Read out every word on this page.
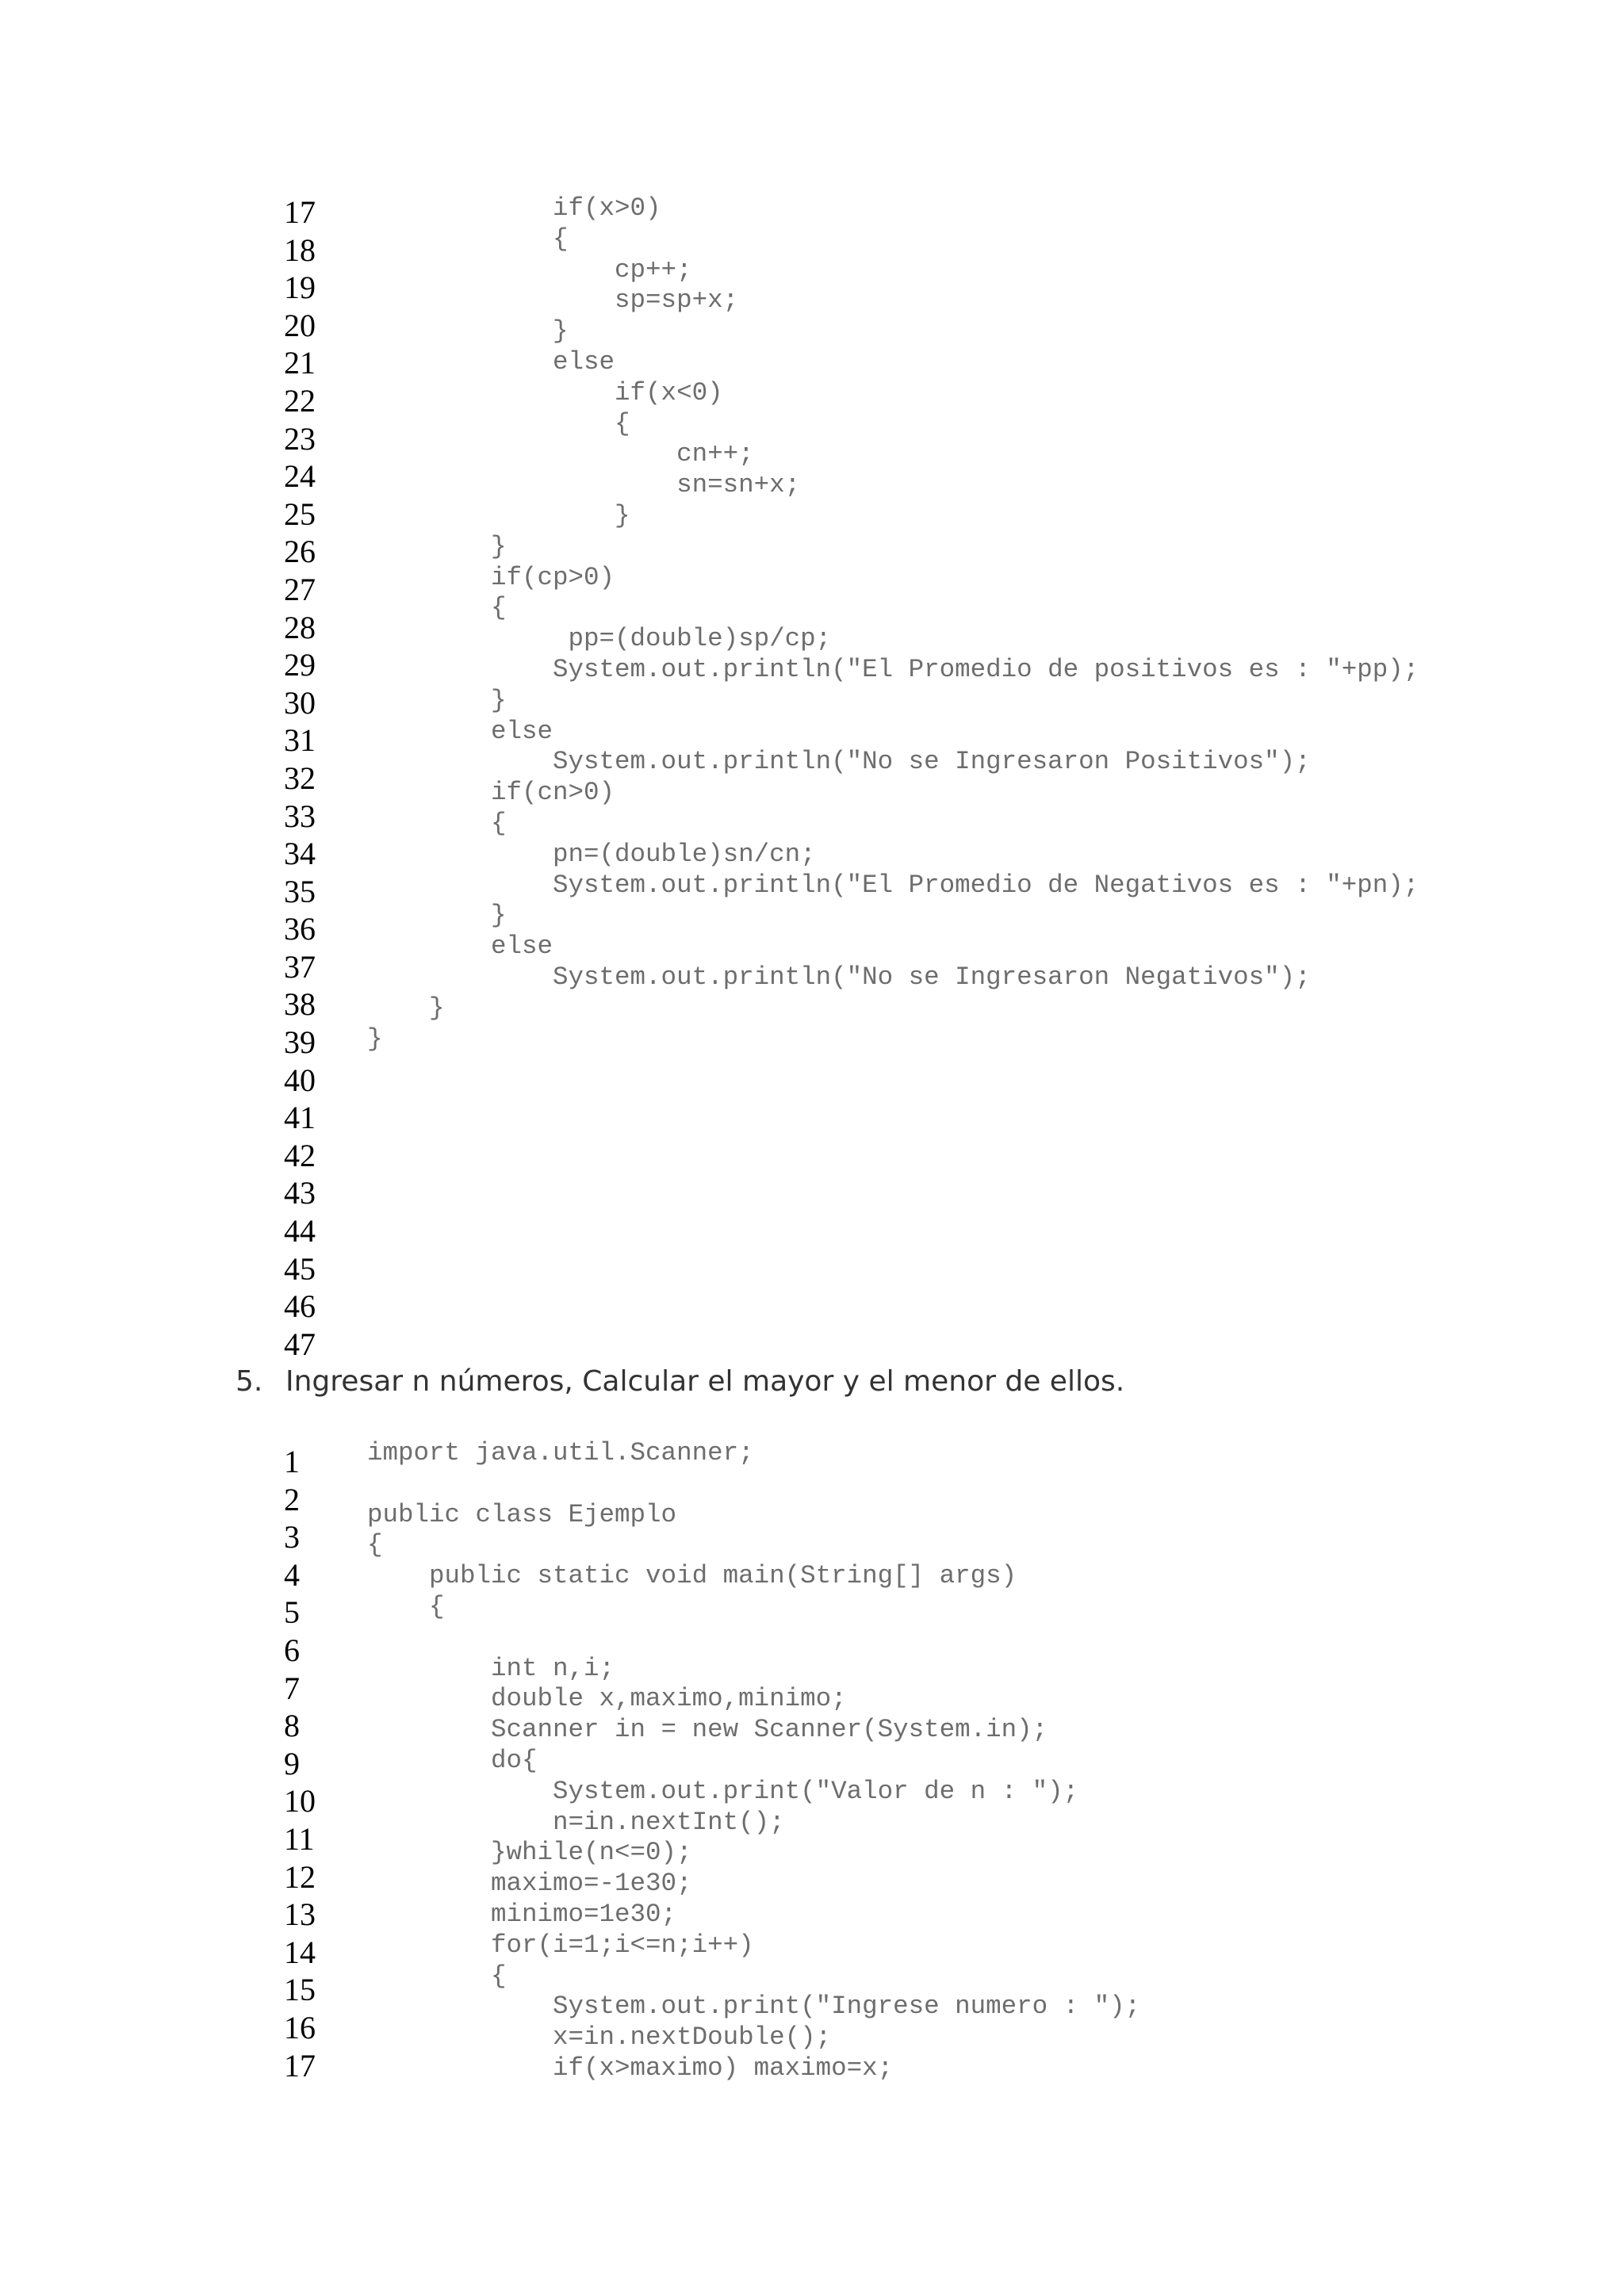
17
18
19
20
21
22
23
24
25
26
27
28
29
30
31
32
33
34
35
36
37
38
39
40
41
42
43
44
45
46
47
if(x>0)
{
cp++;
sp=sp+x;
}
else
if(x<0)
{
cn++;
sn=sn+x;
}
}
if(cp>0)
{
pp=(double)sp/cp;
System.out.println("El Promedio de positivos es : "+pp);
}
else
System.out.println("No se Ingresaron Positivos");
if(cn>0)
{
pn=(double)sn/cn;
System.out.println("El Promedio de Negativos es : "+pn);
}
else
System.out.println("No se Ingresaron Negativos");
}
}
5. Ingresar n números, Calcular el mayor y el menor de ellos.
1
2
3
4
5
6
7
8
9
10
11
12
13
14
15
16
17
import java.util.Scanner;
public class Ejemplo
{
public static void main(String[] args)
{
int n,i;
double x,maximo,minimo;
Scanner in = new Scanner(System.in);
do{
System.out.print("Valor de n : ");
n=in.nextInt();
}while(n<=0);
maximo=-1e30;
minimo=1e30;
for(i=1;i<=n;i++)
{
System.out.print("Ingrese numero : ");
x=in.nextDouble();
if(x>maximo) maximo=x;
